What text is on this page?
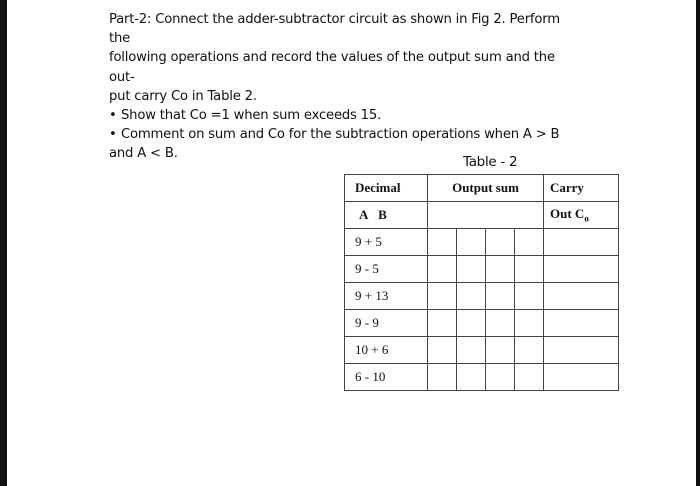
Part-2: Connect the adder-subtractor circuit as shown in Fig 2. Perform the

following operations and record the values of the output sum and the out-

put carry Co in Table 2.

• Show that Co =1 when sum exceeds 15.

• Comment on sum and Co for the subtraction operations when A > B

and A < B.

Table - 2
Decimal	Output sum				Carry
A B					Out $C_o$
9 + 5					
9 - 5					
9 + 13					
9 - 9					
10 + 6					
6 - 10					
